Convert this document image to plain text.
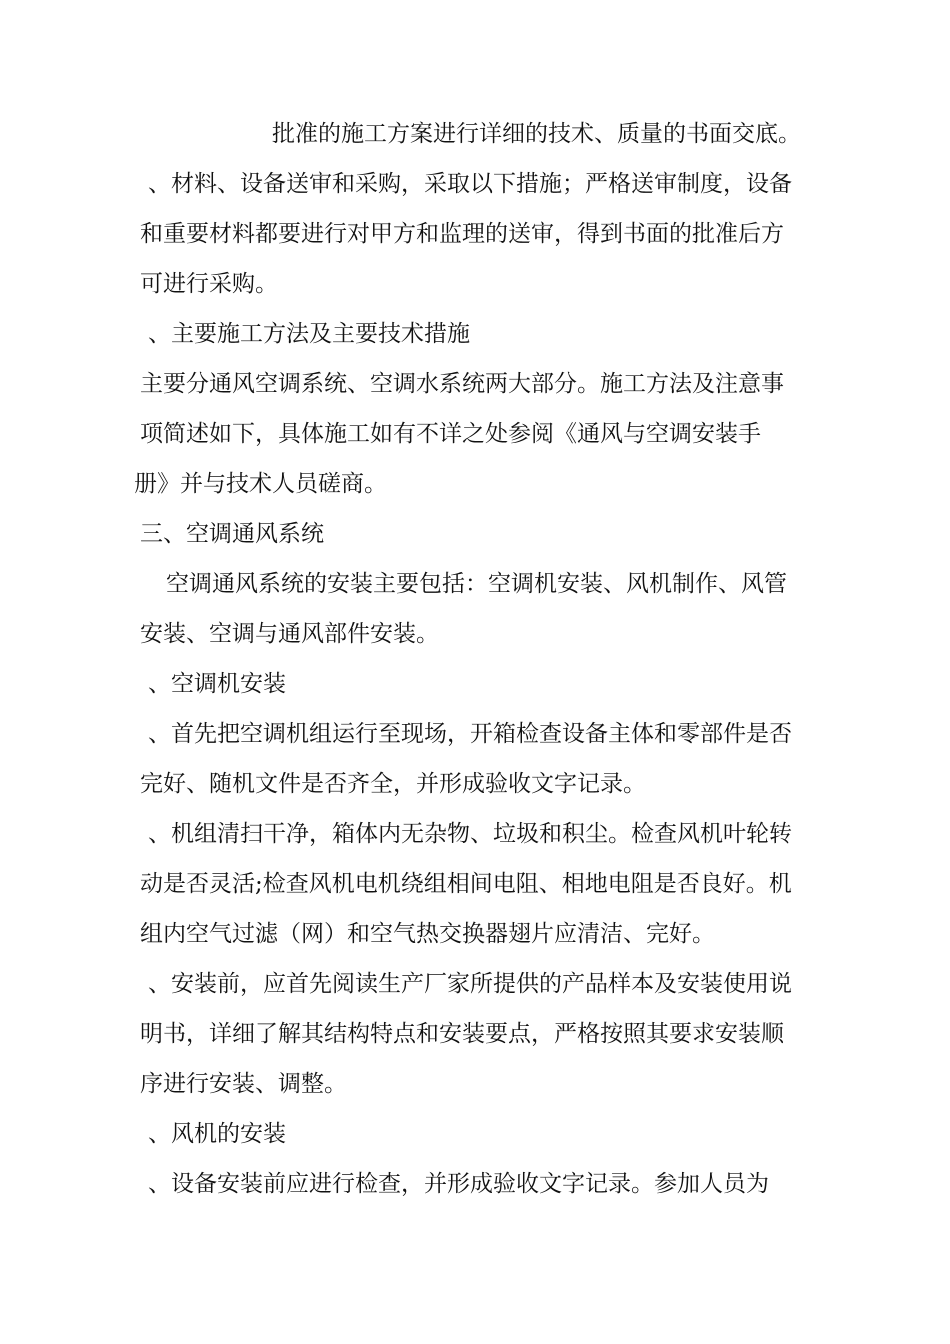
批准的施工方案进行详细的技术、质量的书面交底。
、材料、设备送审和采购，采取以下措施；严格送审制度，设备
和重要材料都要进行对甲方和监理的送审，得到书面的批准后方
可进行采购。
、主要施工方法及主要技术措施
主要分通风空调系统、空调水系统两大部分。施工方法及注意事
项简述如下，具体施工如有不详之处参阅《通风与空调安装手
册》并与技术人员磋商。
三、空调通风系统
空调通风系统的安装主要包括：空调机安装、风机制作、风管
安装、空调与通风部件安装。
、空调机安装
、首先把空调机组运行至现场，开箱检查设备主体和零部件是否
完好、随机文件是否齐全，并形成验收文字记录。
、机组清扫干净，箱体内无杂物、垃圾和积尘。检查风机叶轮转
动是否灵活;检查风机电机绕组相间电阻、相地电阻是否良好。机
组内空气过滤（网）和空气热交换器翅片应清洁、完好。
、安装前，应首先阅读生产厂家所提供的产品样本及安装使用说
明书，详细了解其结构特点和安装要点，严格按照其要求安装顺
序进行安装、调整。
、风机的安装
、设备安装前应进行检查，并形成验收文字记录。参加人员为
